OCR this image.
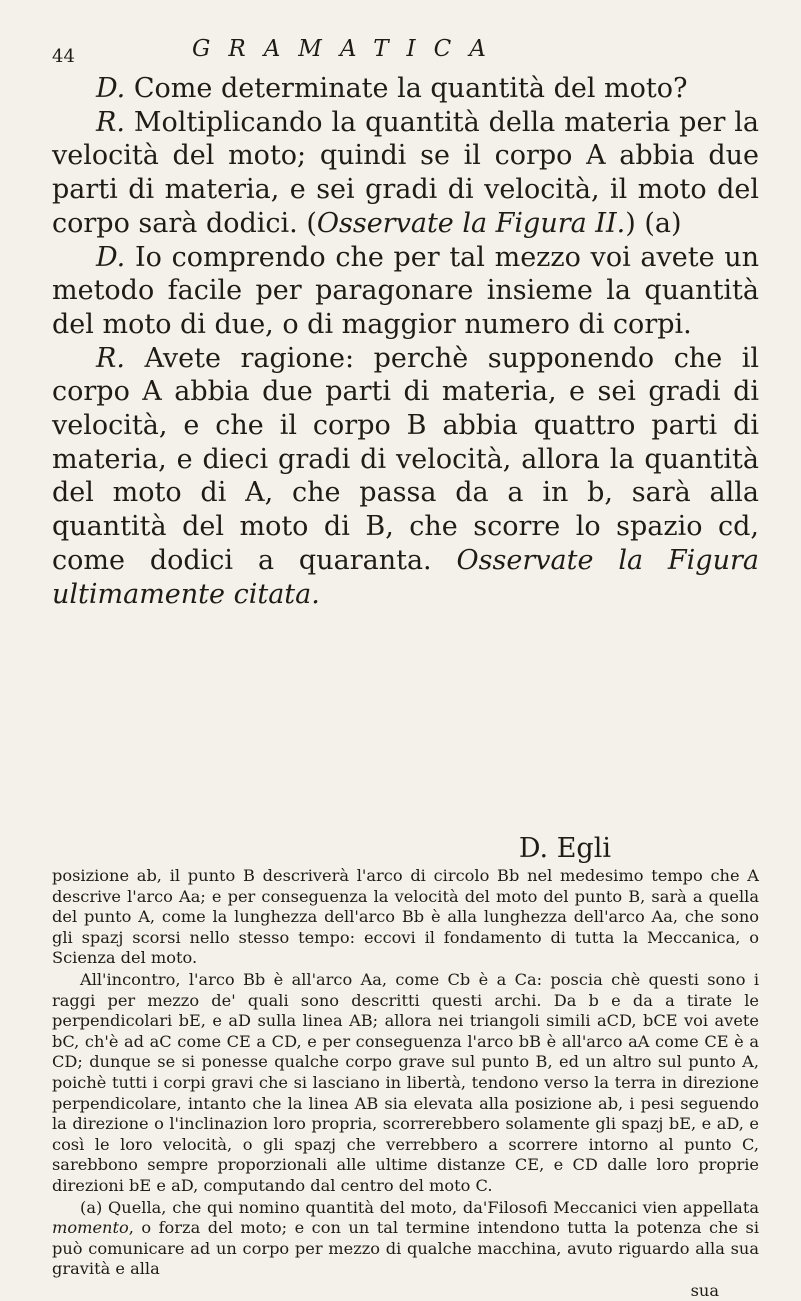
44	GRAMATICA

D. Come determinate la quantità del moto?

R. Moltiplicando la quantità della materia per la velocità del moto; quindi se il corpo A abbia due parti di materia, e sei gradi di velocità, il moto del corpo sarà dodici. (Osservate la Figura II.) (a)

D. Io comprendo che per tal mezzo voi avete un metodo facile per paragonare insieme la quantità del moto di due, o di maggior numero di corpi.

R. Avete ragione: perchè supponendo che il corpo A abbia due parti di materia, e sei gradi di velocità, e che il corpo B abbia quattro parti di materia, e dieci gradi di velocità, allora la quantità del moto di A, che passa da a in b, sarà alla quantità del moto di B, che scorre lo spazio cd, come dodici a quaranta. Osservate la Figura ultimamente citata.

D. Egli

posizione ab, il punto B descriverà l'arco di circolo Bb nel medesimo tempo che A descrive l'arco Aa; e per conseguenza la velocità del moto del punto B, sarà a quella del punto A, come la lunghezza dell'arco Bb è alla lunghezza dell'arco Aa, che sono gli spazj scorsi nello stesso tempo: eccovi il fondamento di tutta la Meccanica, o Scienza del moto.

All'incontro, l'arco Bb è all'arco Aa, come Cb è a Ca: poscia chè questi sono i raggi per mezzo de' quali sono descritti questi archi. Da b e da a tirate le perpendicolari bE, e aD sulla linea AB; allora nei triangoli simili aCD, bCE voi avete bC, ch'è ad aC come CE a CD, e per conseguenza l'arco bB è all'arco aA come CE è a CD; dunque se si ponesse qualche corpo grave sul punto B, ed un altro sul punto A, poichè tutti i corpi gravi che si lasciano in libertà, tendono verso la terra in direzione perpendicolare, intanto che la linea AB sia elevata alla posizione ab, i pesi seguendo la direzione o l'inclinazion loro propria, scorrerebbero solamente gli spazj bE, e aD, e così le loro velocità, o gli spazj che verrebbero a scorrere intorno al punto C, sarebbono sempre proporzionali alle ultime distanze CE, e CD dalle loro proprie direzioni bE e aD, computando dal centro del moto C.

(a) Quella, che qui nomino quantità del moto, da'Filosofi Meccanici vien appellata momento, o forza del moto; e con un tal termine intendono tutta la potenza che si può comunicare ad un corpo per mezzo di qualche macchina, avuto riguardo alla sua gravità e alla

sua
